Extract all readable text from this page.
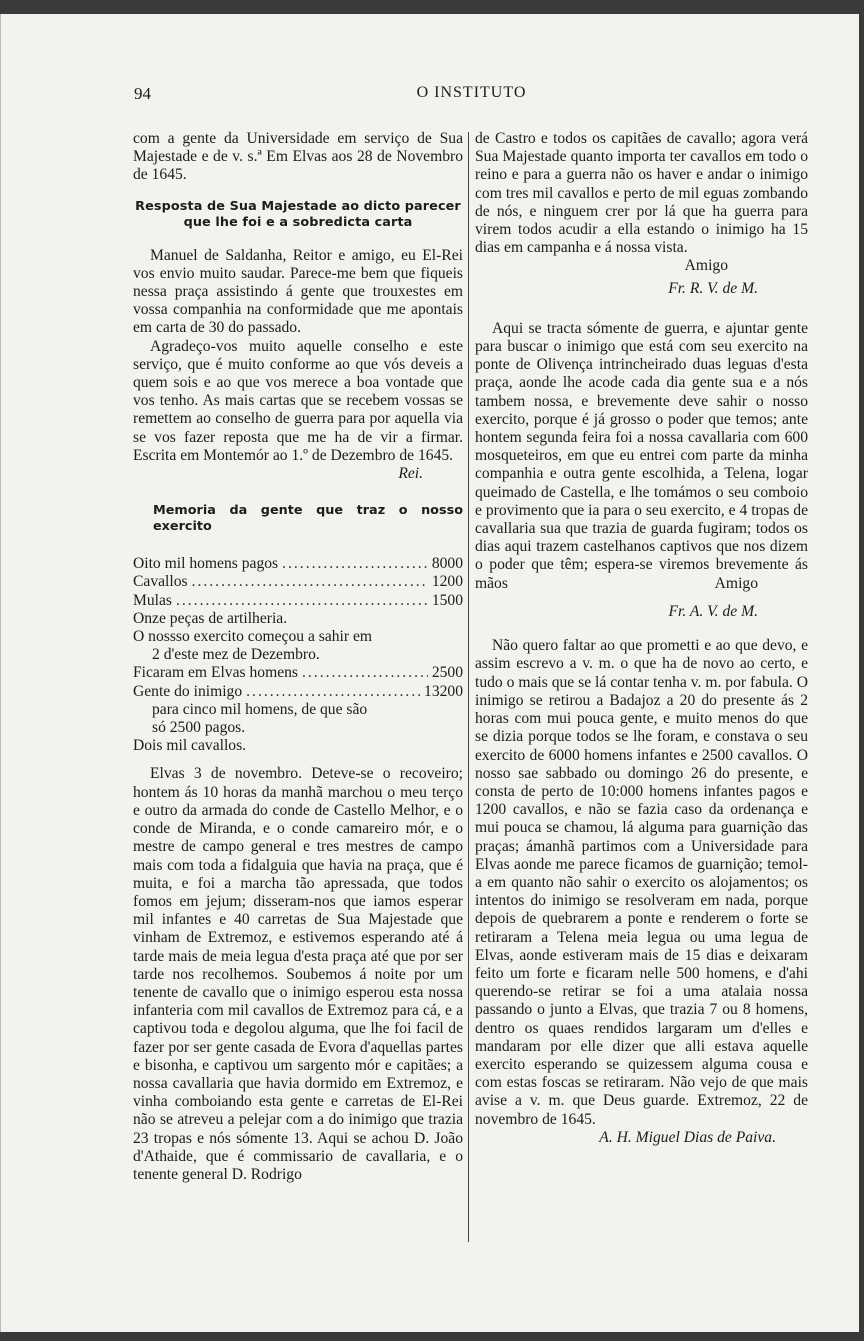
94	O INSTITUTO

com a gente da Universidade em serviço de Sua Majestade e de v. s.ª Em Elvas aos 28 de Novembro de 1645.

Resposta de Sua Majestade ao dicto parecer
que lhe foi e a sobredicta carta

Manuel de Saldanha, Reitor e amigo, eu El-Rei vos envio muito saudar. Parece-me bem que fiqueis nessa praça assistindo á gente que trouxestes em vossa companhia na conformidade que me apontais em carta de 30 do passado.

Agradeço-vos muito aquelle conselho e este serviço, que é muito conforme ao que vós deveis a quem sois e ao que vos merece a boa vontade que vos tenho. As mais cartas que se recebem vossas se remettem ao conselho de guerra para por aquella via se vos fazer reposta que me ha de vir a firmar. Escrita em Montemór ao 1.º de Dezembro de 1645.

Rei.

Memoria da gente que traz o nosso exercito
Oito mil homens pagos .....	8000
Cavallos .....	1200
Mulas .....	1500
Onze peças de artilheria.
O nossso exercito começou a sahir em
2 d'este mez de Dezembro.
Ficaram em Elvas homens .....	2500
Gente do inimigo .....	13200
para cinco mil homens, de que são
só 2500 pagos.
Dois mil cavallos.

Elvas 3 de novembro. Deteve-se o recoveiro; hontem ás 10 horas da manhã marchou o meu terço e outro da armada do conde de Castello Melhor, e o conde de Miranda, e o conde camareiro mór, e o mestre de campo general e tres mestres de campo mais com toda a fidalguia que havia na praça, que é muita, e foi a marcha tão apressada, que todos fomos em jejum; disseram-nos que iamos esperar mil infantes e 40 carretas de Sua Majestade que vinham de Extremoz, e estivemos esperando até á tarde mais de meia legua d'esta praça até que por ser tarde nos recolhemos. Soubemos á noite por um tenente de cavallo que o inimigo esperou esta nossa infanteria com mil cavallos de Extremoz para cá, e a captivou toda e degolou alguma, que lhe foi facil de fazer por ser gente casada de Evora d'aquellas partes e bisonha, e captivou um sargento mór e capitães; a nossa cavallaria que havia dormido em Extremoz, e vinha comboiando esta gente e carretas de El-Rei não se atreveu a pelejar com a do inimigo que trazia 23 tropas e nós sómente 13. Aqui se achou D. João d'Athaide, que é commissario de cavallaria, e o tenente general D. Rodrigo

de Castro e todos os capitães de cavallo; agora verá Sua Majestade quanto importa ter cavallos em todo o reino e para a guerra não os haver e andar o inimigo com tres mil cavallos e perto de mil eguas zombando de nós, e ninguem crer por lá que ha guerra para virem todos acudir a ella estando o inimigo ha 15 dias em campanha e á nossa vista.

Amigo

Fr. R. V. de M.

Aqui se tracta sómente de guerra, e ajuntar gente para buscar o inimigo que está com seu exercito na ponte de Olivença intrincheirado duas leguas d'esta praça, aonde lhe acode cada dia gente sua e a nós tambem nossa, e brevemente deve sahir o nosso exercito, porque é já grosso o poder que temos; ante hontem segunda feira foi a nossa cavallaria com 600 mosqueteiros, em que eu entrei com parte da minha companhia e outra gente escolhida, a Telena, logar queimado de Castella, e lhe tomámos o seu comboio e provimento que ia para o seu exercito, e 4 tropas de cavallaria sua que trazia de guarda fugiram; todos os dias aqui trazem castelhanos captivos que nos dizem o poder que têm; espera-se viremos brevemente ás mãos	Amigo

Fr. A. V. de M.

Não quero faltar ao que prometti e ao que devo, e assim escrevo a v. m. o que ha de novo ao certo, e tudo o mais que se lá contar tenha v. m. por fabula. O inimigo se retirou a Badajoz a 20 do presente ás 2 horas com mui pouca gente, e muito menos do que se dizia porque todos se lhe foram, e constava o seu exercito de 6000 homens infantes e 2500 cavallos. O nosso sae sabbado ou domingo 26 do presente, e consta de perto de 10:000 homens infantes pagos e 1200 cavallos, e não se fazia caso da ordenança e mui pouca se chamou, lá alguma para guarnição das praças; ámanhã partimos com a Universidade para Elvas aonde me parece ficamos de guarnição; temol-a em quanto não sahir o exercito os alojamentos; os intentos do inimigo se resolveram em nada, porque depois de quebrarem a ponte e renderem o forte se retiraram a Telena meia legua ou uma legua de Elvas, aonde estiveram mais de 15 dias e deixaram feito um forte e ficaram nelle 500 homens, e d'ahi querendo-se retirar se foi a uma atalaia nossa passando o junto a Elvas, que trazia 7 ou 8 homens, dentro os quaes rendidos largaram um d'elles e mandaram por elle dizer que alli estava aquelle exercito esperando se quizessem alguma cousa e com estas foscas se retiraram. Não vejo de que mais avise a v. m. que Deus guarde. Extremoz, 22 de novembro de 1645.

A. H. Miguel Dias de Paiva.
